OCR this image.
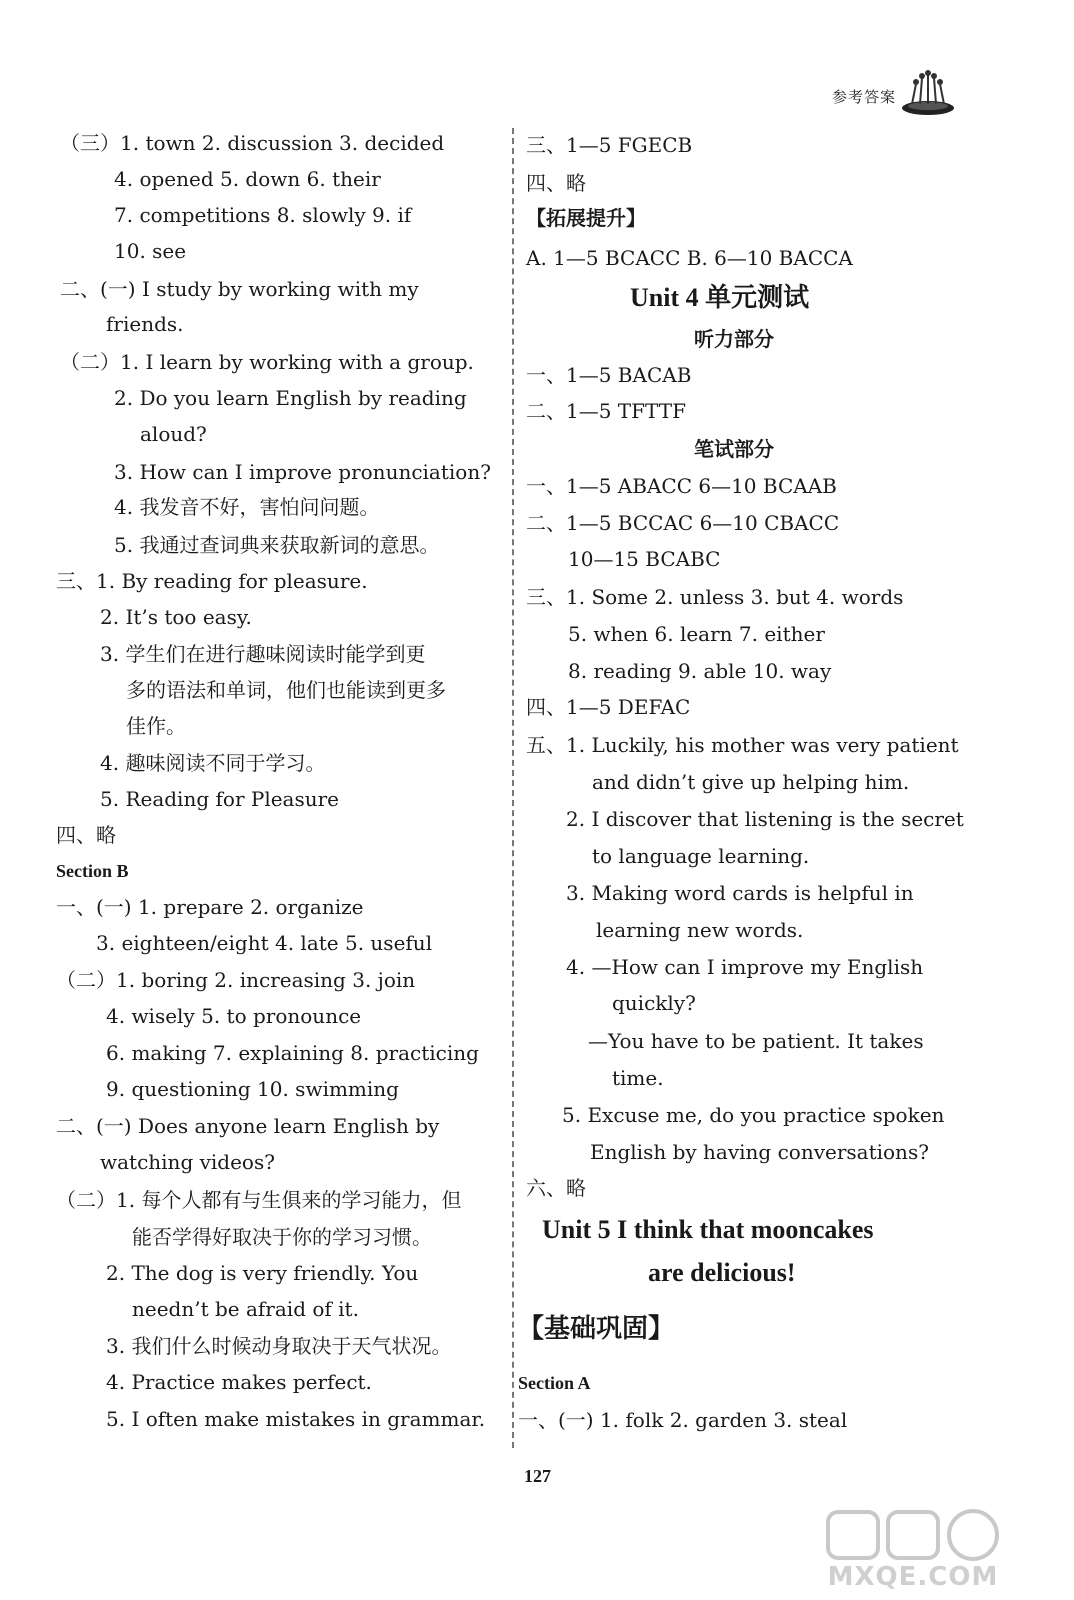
参考答案
（三）1. town 2. discussion 3. decided
4. opened 5. down 6. their
7. competitions 8. slowly 9. if
10. see
二、(一) I study by working with my
friends.
（二）1. I learn by working with a group.
2. Do you learn English by reading
aloud?
3. How can I improve pronunciation?
4. 我发音不好，害怕问问题。
5. 我通过查词典来获取新词的意思。
三、1. By reading for pleasure.
2. It’s too easy.
3. 学生们在进行趣味阅读时能学到更
多的语法和单词，他们也能读到更多
佳作。
4. 趣味阅读不同于学习。
5. Reading for Pleasure
四、略
Section B
一、(一) 1. prepare 2. organize
3. eighteen/eight 4. late 5. useful
（二）1. boring 2. increasing 3. join
4. wisely 5. to pronounce
6. making 7. explaining 8. practicing
9. questioning 10. swimming
二、(一) Does anyone learn English by
watching videos?
（二）1. 每个人都有与生俱来的学习能力，但
能否学得好取决于你的学习习惯。
2. The dog is very friendly. You
needn’t be afraid of it.
3. 我们什么时候动身取决于天气状况。
4. Practice makes perfect.
5. I often make mistakes in grammar.
三、1—5 FGECB
四、略
【拓展提升】
A. 1—5 BCACC B. 6—10 BACCA
Unit 4 单元测试
听力部分
一、1—5 BACAB
二、1—5 TFTTF
笔试部分
一、1—5 ABACC 6—10 BCAAB
二、1—5 BCCAC 6—10 CBACC
10—15 BCABC
三、1. Some 2. unless 3. but 4. words
5. when 6. learn 7. either
8. reading 9. able 10. way
四、1—5 DEFAC
五、1. Luckily, his mother was very patient
and didn’t give up helping him.
2. I discover that listening is the secret
to language learning.
3. Making word cards is helpful in
learning new words.
4. —How can I improve my English
quickly?
—You have to be patient. It takes
time.
5. Excuse me, do you practice spoken
English by having conversations?
六、略
Unit 5 I think that mooncakes
are delicious!
【基础巩固】
Section A
一、(一) 1. folk 2. garden 3. steal
127
MXQE.COM
